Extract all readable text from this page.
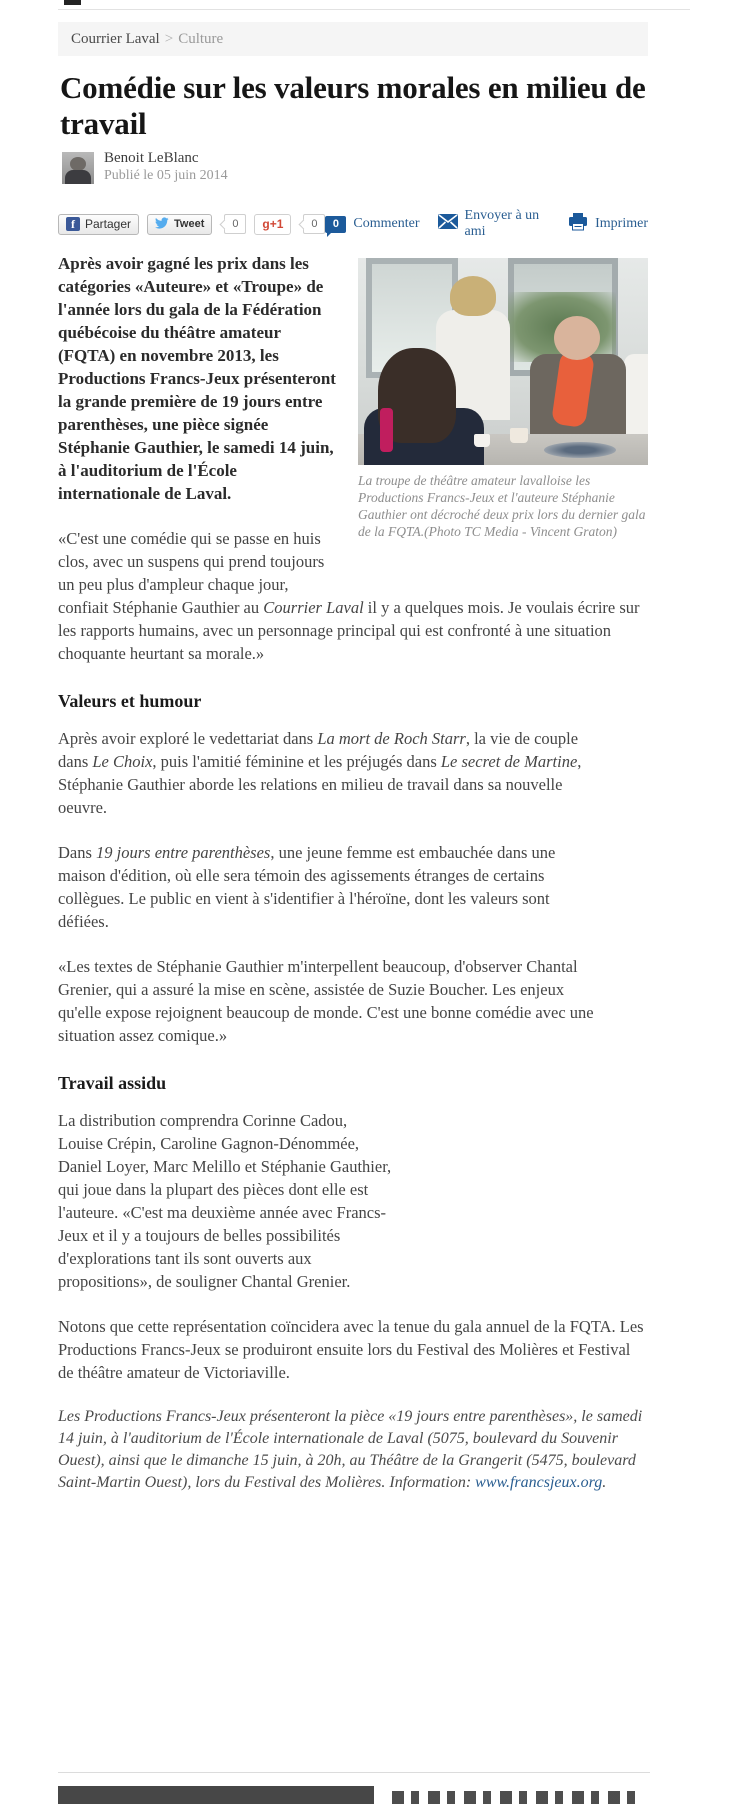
Courrier Laval > Culture
Comédie sur les valeurs morales en milieu de travail
Benoit LeBlanc
Publié le 05 juin 2014
f Partager	Tweet	0	g+1	0	0	Commenter
Envoyer à un ami
Imprimer
La troupe de théâtre amateur lavalloise les Productions Francs-Jeux et l'auteure Stéphanie Gauthier ont décroché deux prix lors du dernier gala de la FQTA.(Photo TC Media - Vincent Graton)

Après avoir gagné les prix dans les catégories «Auteure» et «Troupe» de l'année lors du gala de la Fédération québécoise du théâtre amateur (FQTA) en novembre 2013, les Productions Francs-Jeux présenteront la grande première de 19 jours entre parenthèses, une pièce signée Stéphanie Gauthier, le samedi 14 juin, à l'auditorium de l'École internationale de Laval.

«C'est une comédie qui se passe en huis clos, avec un suspens qui prend toujours un peu plus d'ampleur chaque jour, confiait Stéphanie Gauthier au Courrier Laval il y a quelques mois. Je voulais écrire sur les rapports humains, avec un personnage principal qui est confronté à une situation choquante heurtant sa morale.»

Valeurs et humour

Après avoir exploré le vedettariat dans La mort de Roch Starr, la vie de couple dans Le Choix, puis l'amitié féminine et les préjugés dans Le secret de Martine, Stéphanie Gauthier aborde les relations en milieu de travail dans sa nouvelle oeuvre.

Dans 19 jours entre parenthèses, une jeune femme est embauchée dans une maison d'édition, où elle sera témoin des agissements étranges de certains collègues. Le public en vient à s'identifier à l'héroïne, dont les valeurs sont défiées.

«Les textes de Stéphanie Gauthier m'interpellent beaucoup, d'observer Chantal Grenier, qui a assuré la mise en scène, assistée de Suzie Boucher. Les enjeux qu'elle expose rejoignent beaucoup de monde. C'est une bonne comédie avec une situation assez comique.»

Travail assidu

La distribution comprendra Corinne Cadou, Louise Crépin, Caroline Gagnon-Dénommée, Daniel Loyer, Marc Melillo et Stéphanie Gauthier, qui joue dans la plupart des pièces dont elle est l'auteure. «C'est ma deuxième année avec Francs-Jeux et il y a toujours de belles possibilités d'explorations tant ils sont ouverts aux propositions», de souligner Chantal Grenier.

Notons que cette représentation coïncidera avec la tenue du gala annuel de la FQTA. Les Productions Francs-Jeux se produiront ensuite lors du Festival des Molières et Festival de théâtre amateur de Victoriaville.

Les Productions Francs-Jeux présenteront la pièce «19 jours entre parenthèses», le samedi 14 juin, à l'auditorium de l'École internationale de Laval (5075, boulevard du Souvenir Ouest), ainsi que le dimanche 15 juin, à 20h, au Théâtre de la Grangerit (5475, boulevard Saint-Martin Ouest), lors du Festival des Molières. Information: www.francsjeux.org.
